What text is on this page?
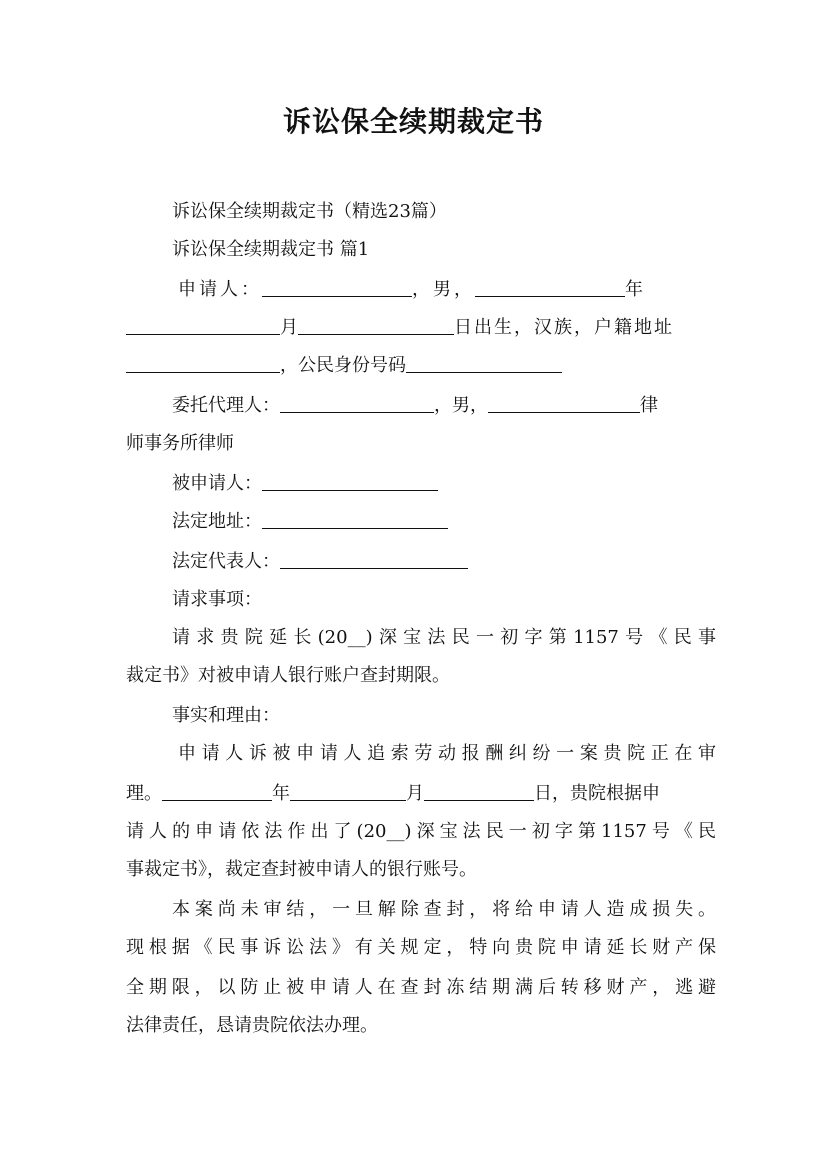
诉讼保全续期裁定书
诉讼保全续期裁定书（精选23篇）
诉讼保全续期裁定书 篇1
申请人：	，男，	年
月	日出生，汉族，户籍地址
，公民身份号码
委托代理人：	，男，	律
师事务所律师
被申请人：
法定地址：
法定代表人：
请求事项：
请求贵院延长(20__)深宝法民一初字第1157号《民事
裁定书》对被申请人银行账户查封期限。
事实和理由：
申请人诉被申请人追索劳动报酬纠纷一案贵院正在审
理。	年	月	日，贵院根据申
请人的申请依法作出了(20__)深宝法民一初字第1157号《民
事裁定书》，裁定查封被申请人的银行账号。
本案尚未审结，一旦解除查封，将给申请人造成损失。
现根据《民事诉讼法》有关规定，特向贵院申请延长财产保
全期限，以防止被申请人在查封冻结期满后转移财产，逃避
法律责任，恳请贵院依法办理。
